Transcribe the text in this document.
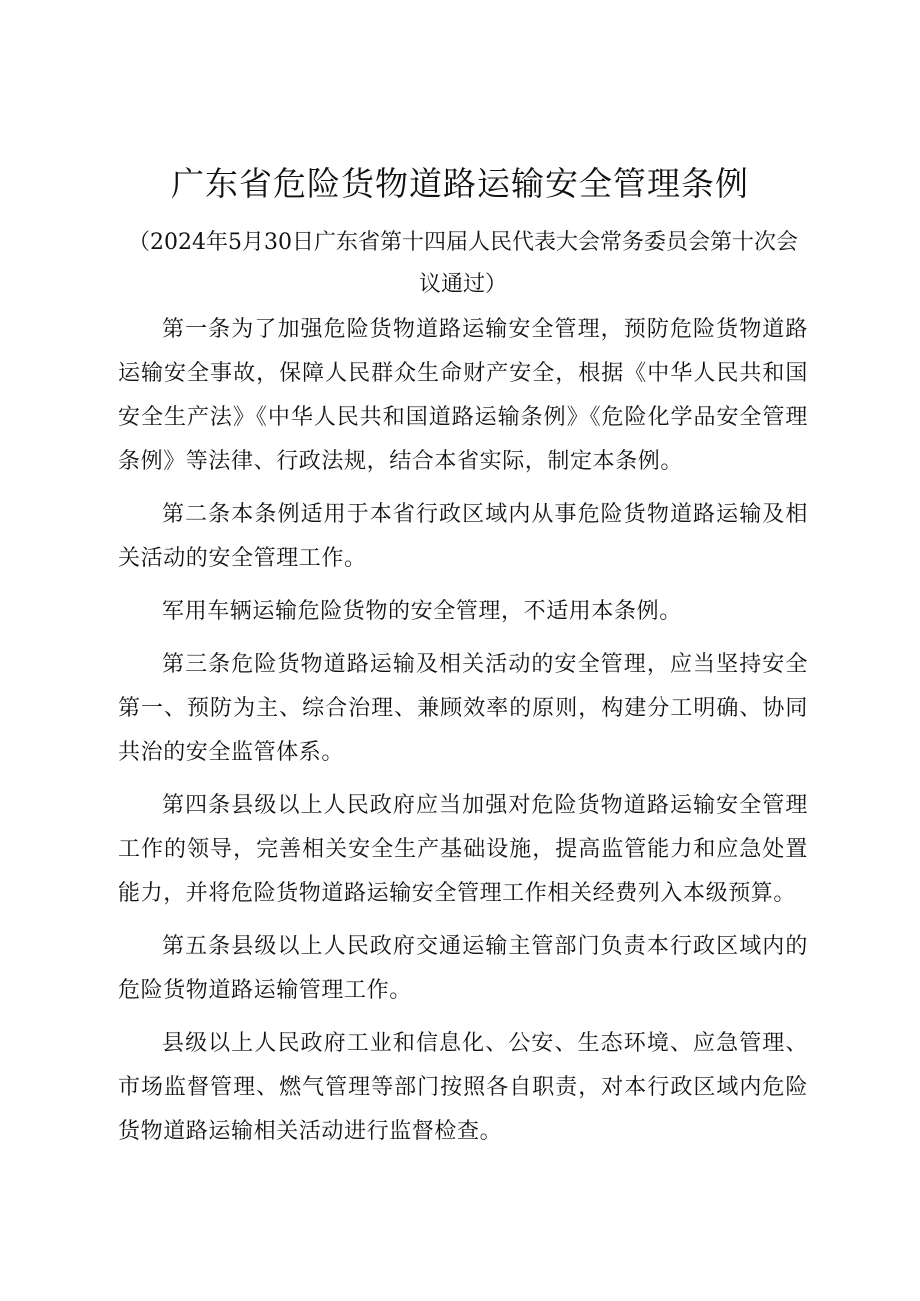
广东省危险货物道路运输安全管理条例

（2024年5月30日广东省第十四届人民代表大会常务委员会第十次会议通过）

第一条为了加强危险货物道路运输安全管理，预防危险货物道路运输安全事故，保障人民群众生命财产安全，根据《中华人民共和国安全生产法》《中华人民共和国道路运输条例》《危险化学品安全管理条例》等法律、行政法规，结合本省实际，制定本条例。

第二条本条例适用于本省行政区域内从事危险货物道路运输及相关活动的安全管理工作。

军用车辆运输危险货物的安全管理，不适用本条例。

第三条危险货物道路运输及相关活动的安全管理，应当坚持安全第一、预防为主、综合治理、兼顾效率的原则，构建分工明确、协同共治的安全监管体系。

第四条县级以上人民政府应当加强对危险货物道路运输安全管理工作的领导，完善相关安全生产基础设施，提高监管能力和应急处置能力，并将危险货物道路运输安全管理工作相关经费列入本级预算。

第五条县级以上人民政府交通运输主管部门负责本行政区域内的危险货物道路运输管理工作。

县级以上人民政府工业和信息化、公安、生态环境、应急管理、市场监督管理、燃气管理等部门按照各自职责，对本行政区域内危险货物道路运输相关活动进行监督检查。
